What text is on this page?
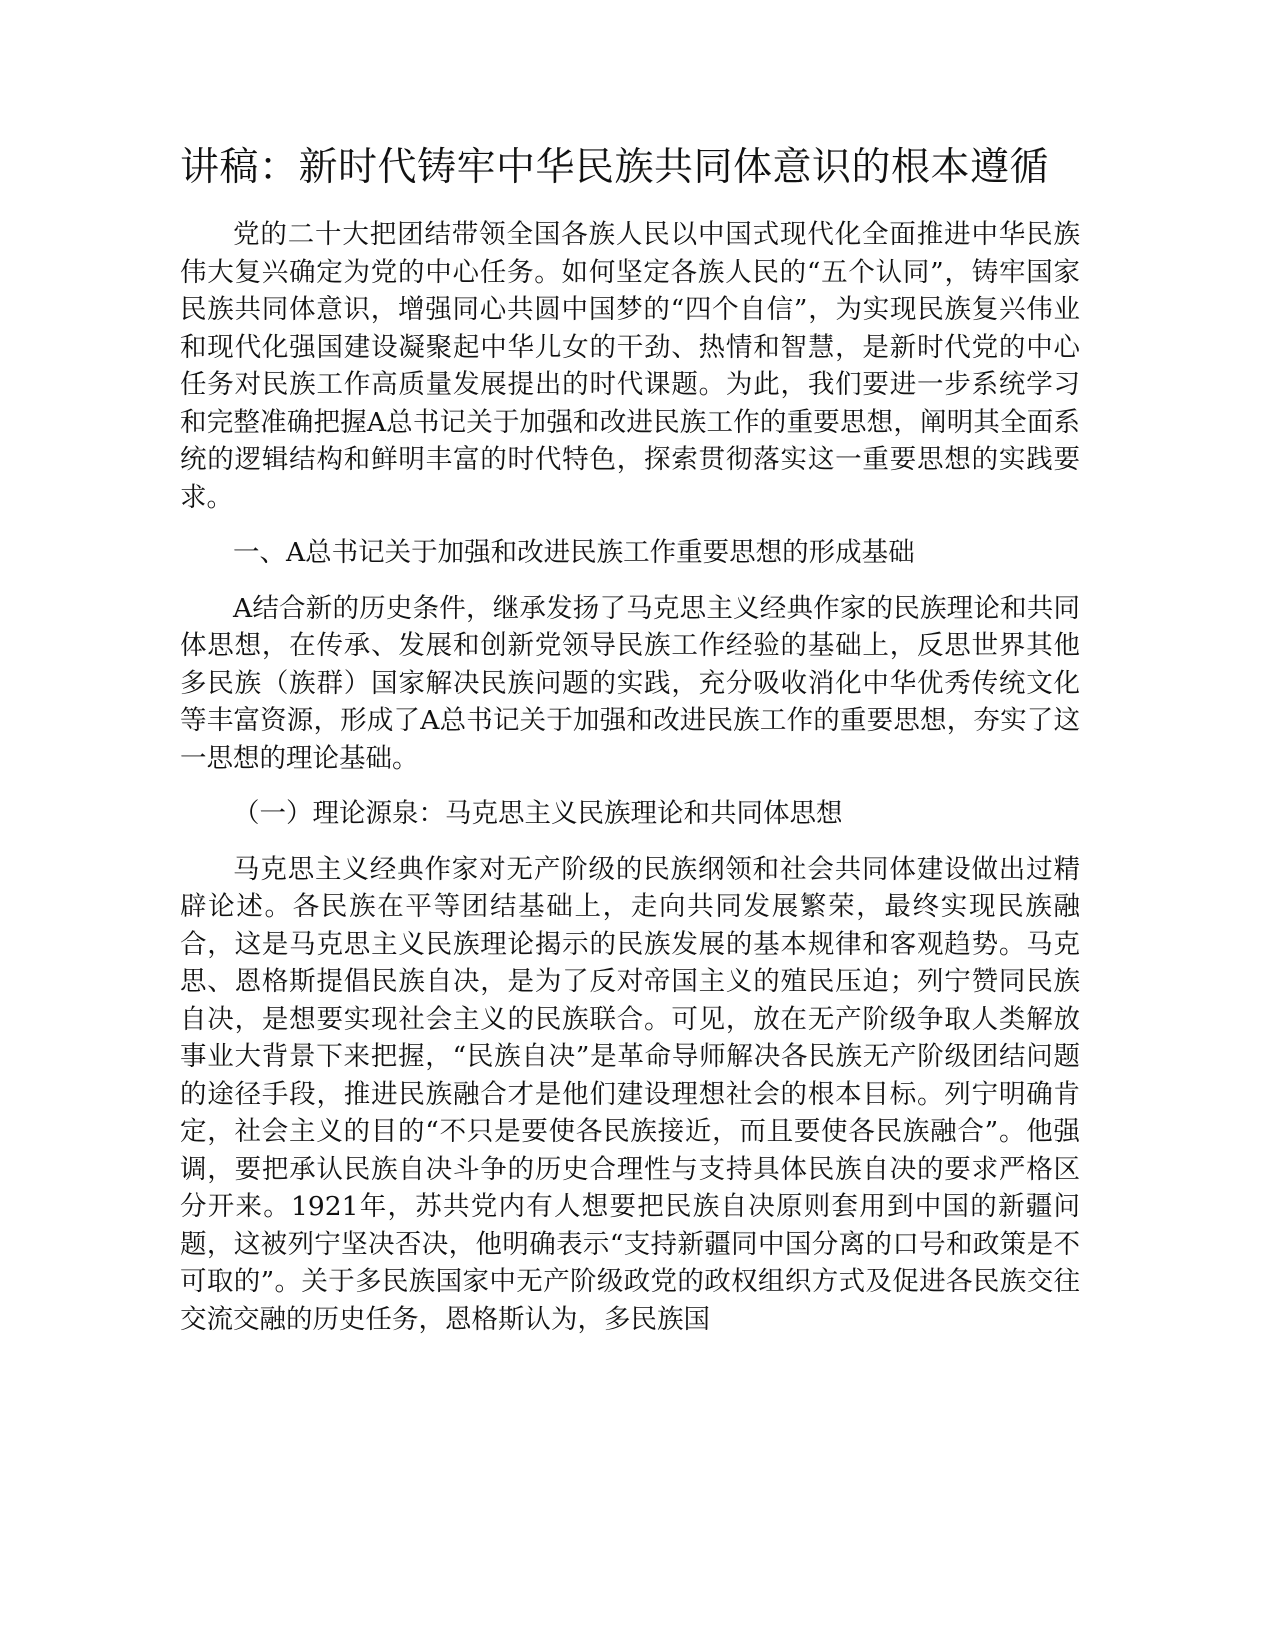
讲稿：新时代铸牢中华民族共同体意识的根本遵循

党的二十大把团结带领全国各族人民以中国式现代化全面推进中华民族伟大复兴确定为党的中心任务。如何坚定各族人民的“五个认同”，铸牢国家民族共同体意识，增强同心共圆中国梦的“四个自信”，为实现民族复兴伟业和现代化强国建设凝聚起中华儿女的干劲、热情和智慧，是新时代党的中心任务对民族工作高质量发展提出的时代课题。为此，我们要进一步系统学习和完整准确把握A总书记关于加强和改进民族工作的重要思想，阐明其全面系统的逻辑结构和鲜明丰富的时代特色，探索贯彻落实这一重要思想的实践要求。

一、A总书记关于加强和改进民族工作重要思想的形成基础

A结合新的历史条件，继承发扬了马克思主义经典作家的民族理论和共同体思想，在传承、发展和创新党领导民族工作经验的基础上，反思世界其他多民族（族群）国家解决民族问题的实践，充分吸收消化中华优秀传统文化等丰富资源，形成了A总书记关于加强和改进民族工作的重要思想，夯实了这一思想的理论基础。

（一）理论源泉：马克思主义民族理论和共同体思想

马克思主义经典作家对无产阶级的民族纲领和社会共同体建设做出过精辟论述。各民族在平等团结基础上，走向共同发展繁荣，最终实现民族融合，这是马克思主义民族理论揭示的民族发展的基本规律和客观趋势。马克思、恩格斯提倡民族自决，是为了反对帝国主义的殖民压迫；列宁赞同民族自决，是想要实现社会主义的民族联合。可见，放在无产阶级争取人类解放事业大背景下来把握，“民族自决”是革命导师解决各民族无产阶级团结问题的途径手段，推进民族融合才是他们建设理想社会的根本目标。列宁明确肯定，社会主义的目的“不只是要使各民族接近，而且要使各民族融合”。他强调，要把承认民族自决斗争的历史合理性与支持具体民族自决的要求严格区分开来。1921年，苏共党内有人想要把民族自决原则套用到中国的新疆问题，这被列宁坚决否决，他明确表示“支持新疆同中国分离的口号和政策是不可取的”。关于多民族国家中无产阶级政党的政权组织方式及促进各民族交往交流交融的历史任务，恩格斯认为，多民族国
